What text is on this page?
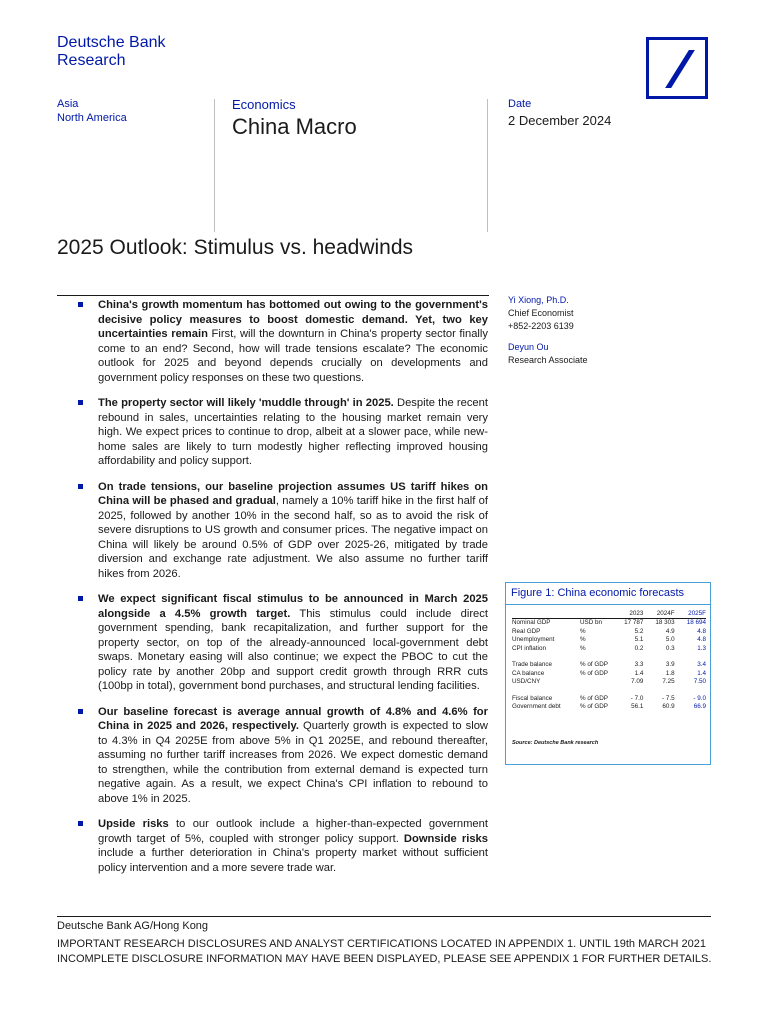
Deutsche Bank
Research
Asia
North America
Economics
China Macro
Date
2 December 2024
2025 Outlook: Stimulus vs. headwinds
China's growth momentum has bottomed out owing to the government's decisive policy measures to boost domestic demand. Yet, two key uncertainties remain First, will the downturn in China's property sector finally come to an end? Second, how will trade tensions escalate? The economic outlook for 2025 and beyond depends crucially on developments and government policy responses on these two questions.
The property sector will likely 'muddle through' in 2025. Despite the recent rebound in sales, uncertainties relating to the housing market remain very high. We expect prices to continue to drop, albeit at a slower pace, while new-home sales are likely to turn modestly higher reflecting improved housing affordability and policy support.
On trade tensions, our baseline projection assumes US tariff hikes on China will be phased and gradual, namely a 10% tariff hike in the first half of 2025, followed by another 10% in the second half, so as to avoid the risk of severe disruptions to US growth and consumer prices. The negative impact on China will likely be around 0.5% of GDP over 2025-26, mitigated by trade diversion and exchange rate adjustment. We also assume no further tariff hikes from 2026.
We expect significant fiscal stimulus to be announced in March 2025 alongside a 4.5% growth target. This stimulus could include direct government spending, bank recapitalization, and further support for the property sector, on top of the already-announced local-government debt swaps. Monetary easing will also continue; we expect the PBOC to cut the policy rate by another 20bp and support credit growth through RRR cuts (100bp in total), government bond purchases, and structural lending facilities.
Our baseline forecast is average annual growth of 4.8% and 4.6% for China in 2025 and 2026, respectively. Quarterly growth is expected to slow to 4.3% in Q4 2025E from above 5% in Q1 2025E, and rebound thereafter, assuming no further tariff increases from 2026. We expect domestic demand to strengthen, while the contribution from external demand is expected turn negative again. As a result, we expect China's CPI inflation to rebound to above 1% in 2025.
Upside risks to our outlook include a higher-than-expected government growth target of 5%, coupled with stronger policy support. Downside risks include a further deterioration in China's property market without sufficient policy intervention and a more severe trade war.
Yi Xiong, Ph.D.
Chief Economist
+852-2203 6139
Deyun Ou
Research Associate
Figure 1: China economic forecasts
		2023	2024F	2025F
Nominal GDP	USD bn	17 787	18 303	18 694
Real GDP	%	5.2	4.9	4.8
Unemployment	%	5.1	5.0	4.8
CPI inflation	%	0.2	0.3	1.3

Trade balance	% of GDP	3.3	3.9	3.4
CA balance	% of GDP	1.4	1.8	1.4
USD/CNY		7.09	7.25	7.50

Fiscal balance	% of GDP	- 7.0	- 7.5	- 9.0
Government debt	% of GDP	56.1	60.9	66.9
Source: Deutsche Bank research
Deutsche Bank AG/Hong Kong
IMPORTANT RESEARCH DISCLOSURES AND ANALYST CERTIFICATIONS LOCATED IN APPENDIX 1. UNTIL 19th MARCH 2021 INCOMPLETE DISCLOSURE INFORMATION MAY HAVE BEEN DISPLAYED, PLEASE SEE APPENDIX 1 FOR FURTHER DETAILS.
